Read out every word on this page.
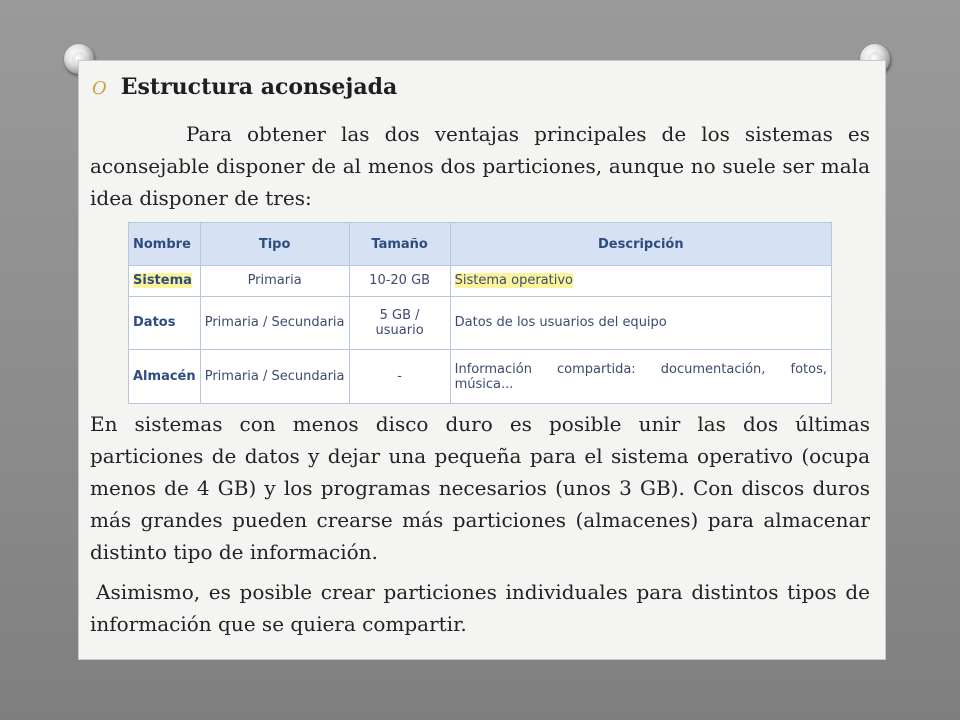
O Estructura aconsejada

Para obtener las dos ventajas principales de los sistemas es aconsejable disponer de al menos dos particiones, aunque no suele ser mala idea disponer de tres:

Nombre	Tipo	Tamaño	Descripción
Sistema	Primaria	10-20 GB	Sistema operativo
Datos	Primaria / Secundaria	5 GB / usuario	Datos de los usuarios del equipo
Almacén	Primaria / Secundaria	-	Información compartida: documentación, fotos, música...

En sistemas con menos disco duro es posible unir las dos últimas particiones de datos y dejar una pequeña para el sistema operativo (ocupa menos de 4 GB) y los programas necesarios (unos 3 GB). Con discos duros más grandes pueden crearse más particiones (almacenes) para almacenar distinto tipo de información.

Asimismo, es posible crear particiones individuales para distintos tipos de información que se quiera compartir.
